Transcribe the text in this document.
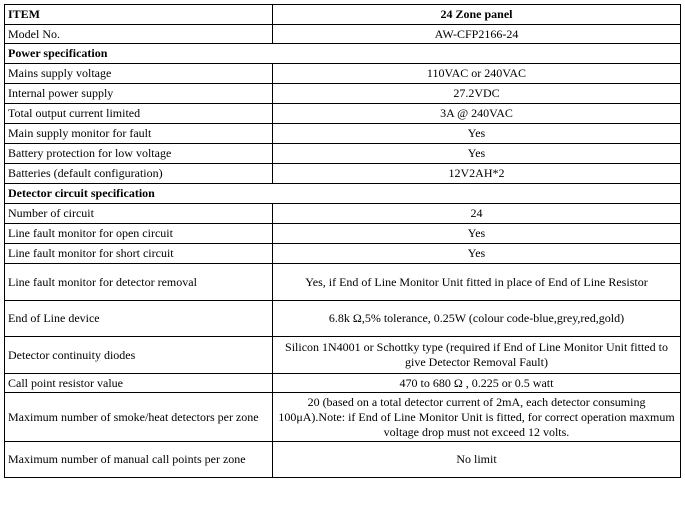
ITEM	24 Zone panel
Model No.	AW-CFP2166-24
Power specification	
Mains supply voltage	110VAC or 240VAC
Internal power supply	27.2VDC
Total output current limited	3A @ 240VAC
Main supply monitor for fault	Yes
Battery protection for low voltage	Yes
Batteries (default configuration)	12V2AH*2
Detector circuit specification	
Number of circuit	24
Line fault monitor for open circuit	Yes
Line fault monitor for short circuit	Yes
Line fault monitor for detector removal	Yes, if End of Line Monitor Unit fitted in place of End of Line Resistor
End of Line device	6.8k Ω,5% tolerance, 0.25W (colour code-blue,grey,red,gold)
Detector continuity diodes	Silicon 1N4001 or Schottky type (required if End of Line Monitor Unit fitted to give Detector Removal Fault)
Call point resistor value	470 to 680 Ω , 0.225 or 0.5 watt
Maximum number of smoke/heat detectors per zone	20 (based on a total detector current of 2mA, each detector consuming 100μA).Note: if End of Line Monitor Unit is fitted, for correct operation maxmum voltage drop must not exceed 12 volts.
Maximum number of manual call points per zone	No limit
